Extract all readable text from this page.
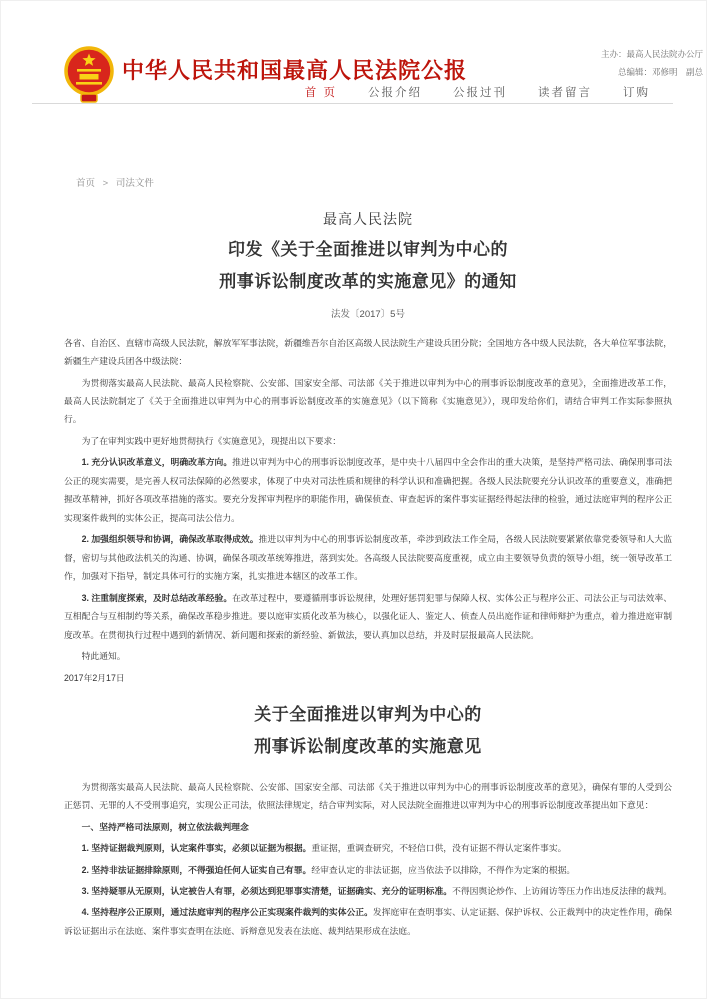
中华人民共和国最高人民法院公报
主办：最高人民法院办公厅
总编辑：邓修明　副总
首 页	公报介绍	公报过刊	读者留言	订购
首页 > 司法文件
最高人民法院
印发《关于全面推进以审判为中心的
刑事诉讼制度改革的实施意见》的通知
法发〔2017〕5号

各省、自治区、直辖市高级人民法院，解放军军事法院，新疆维吾尔自治区高级人民法院生产建设兵团分院；全国地方各中级人民法院，各大单位军事法院，新疆生产建设兵团各中级法院：

为贯彻落实最高人民法院、最高人民检察院、公安部、国家安全部、司法部《关于推进以审判为中心的刑事诉讼制度改革的意见》，全面推进改革工作，最高人民法院制定了《关于全面推进以审判为中心的刑事诉讼制度改革的实施意见》（以下简称《实施意见》），现印发给你们，请结合审判工作实际参照执行。

为了在审判实践中更好地贯彻执行《实施意见》，现提出以下要求：

1. 充分认识改革意义，明确改革方向。推进以审判为中心的刑事诉讼制度改革，是中央十八届四中全会作出的重大决策，是坚持严格司法、确保刑事司法公正的现实需要，是完善人权司法保障的必然要求，体现了中央对司法性质和规律的科学认识和准确把握。各级人民法院要充分认识改革的重要意义，准确把握改革精神，抓好各项改革措施的落实。要充分发挥审判程序的职能作用，确保侦查、审查起诉的案件事实证据经得起法律的检验，通过法庭审判的程序公正实现案件裁判的实体公正，提高司法公信力。

2. 加强组织领导和协调，确保改革取得成效。推进以审判为中心的刑事诉讼制度改革，牵涉到政法工作全局，各级人民法院要紧紧依靠党委领导和人大监督，密切与其他政法机关的沟通、协调，确保各项改革统筹推进，落到实处。各高级人民法院要高度重视，成立由主要领导负责的领导小组，统一领导改革工作，加强对下指导，制定具体可行的实施方案，扎实推进本辖区的改革工作。

3. 注重制度探索，及时总结改革经验。在改革过程中，要遵循刑事诉讼规律，处理好惩罚犯罪与保障人权、实体公正与程序公正、司法公正与司法效率、互相配合与互相制约等关系，确保改革稳步推进。要以庭审实质化改革为核心，以强化证人、鉴定人、侦查人员出庭作证和律师辩护为重点，着力推进庭审制度改革。在贯彻执行过程中遇到的新情况、新问题和探索的新经验、新做法，要认真加以总结，并及时层报最高人民法院。

特此通知。

2017年2月17日

关于全面推进以审判为中心的
刑事诉讼制度改革的实施意见

为贯彻落实最高人民法院、最高人民检察院、公安部、国家安全部、司法部《关于推进以审判为中心的刑事诉讼制度改革的意见》，确保有罪的人受到公正惩罚、无罪的人不受刑事追究，实现公正司法，依照法律规定，结合审判实际，对人民法院全面推进以审判为中心的刑事诉讼制度改革提出如下意见：

一、坚持严格司法原则，树立依法裁判理念

1. 坚持证据裁判原则，认定案件事实，必须以证据为根据。重证据，重调查研究，不轻信口供，没有证据不得认定案件事实。

2. 坚持非法证据排除原则，不得强迫任何人证实自己有罪。经审查认定的非法证据，应当依法予以排除，不得作为定案的根据。

3. 坚持疑罪从无原则，认定被告人有罪，必须达到犯罪事实清楚，证据确实、充分的证明标准。不得因舆论炒作、上访闹访等压力作出违反法律的裁判。

4. 坚持程序公正原则，通过法庭审判的程序公正实现案件裁判的实体公正。发挥庭审在查明事实、认定证据、保护诉权、公正裁判中的决定性作用，确保诉讼证据出示在法庭、案件事实查明在法庭、诉辩意见发表在法庭、裁判结果形成在法庭。
